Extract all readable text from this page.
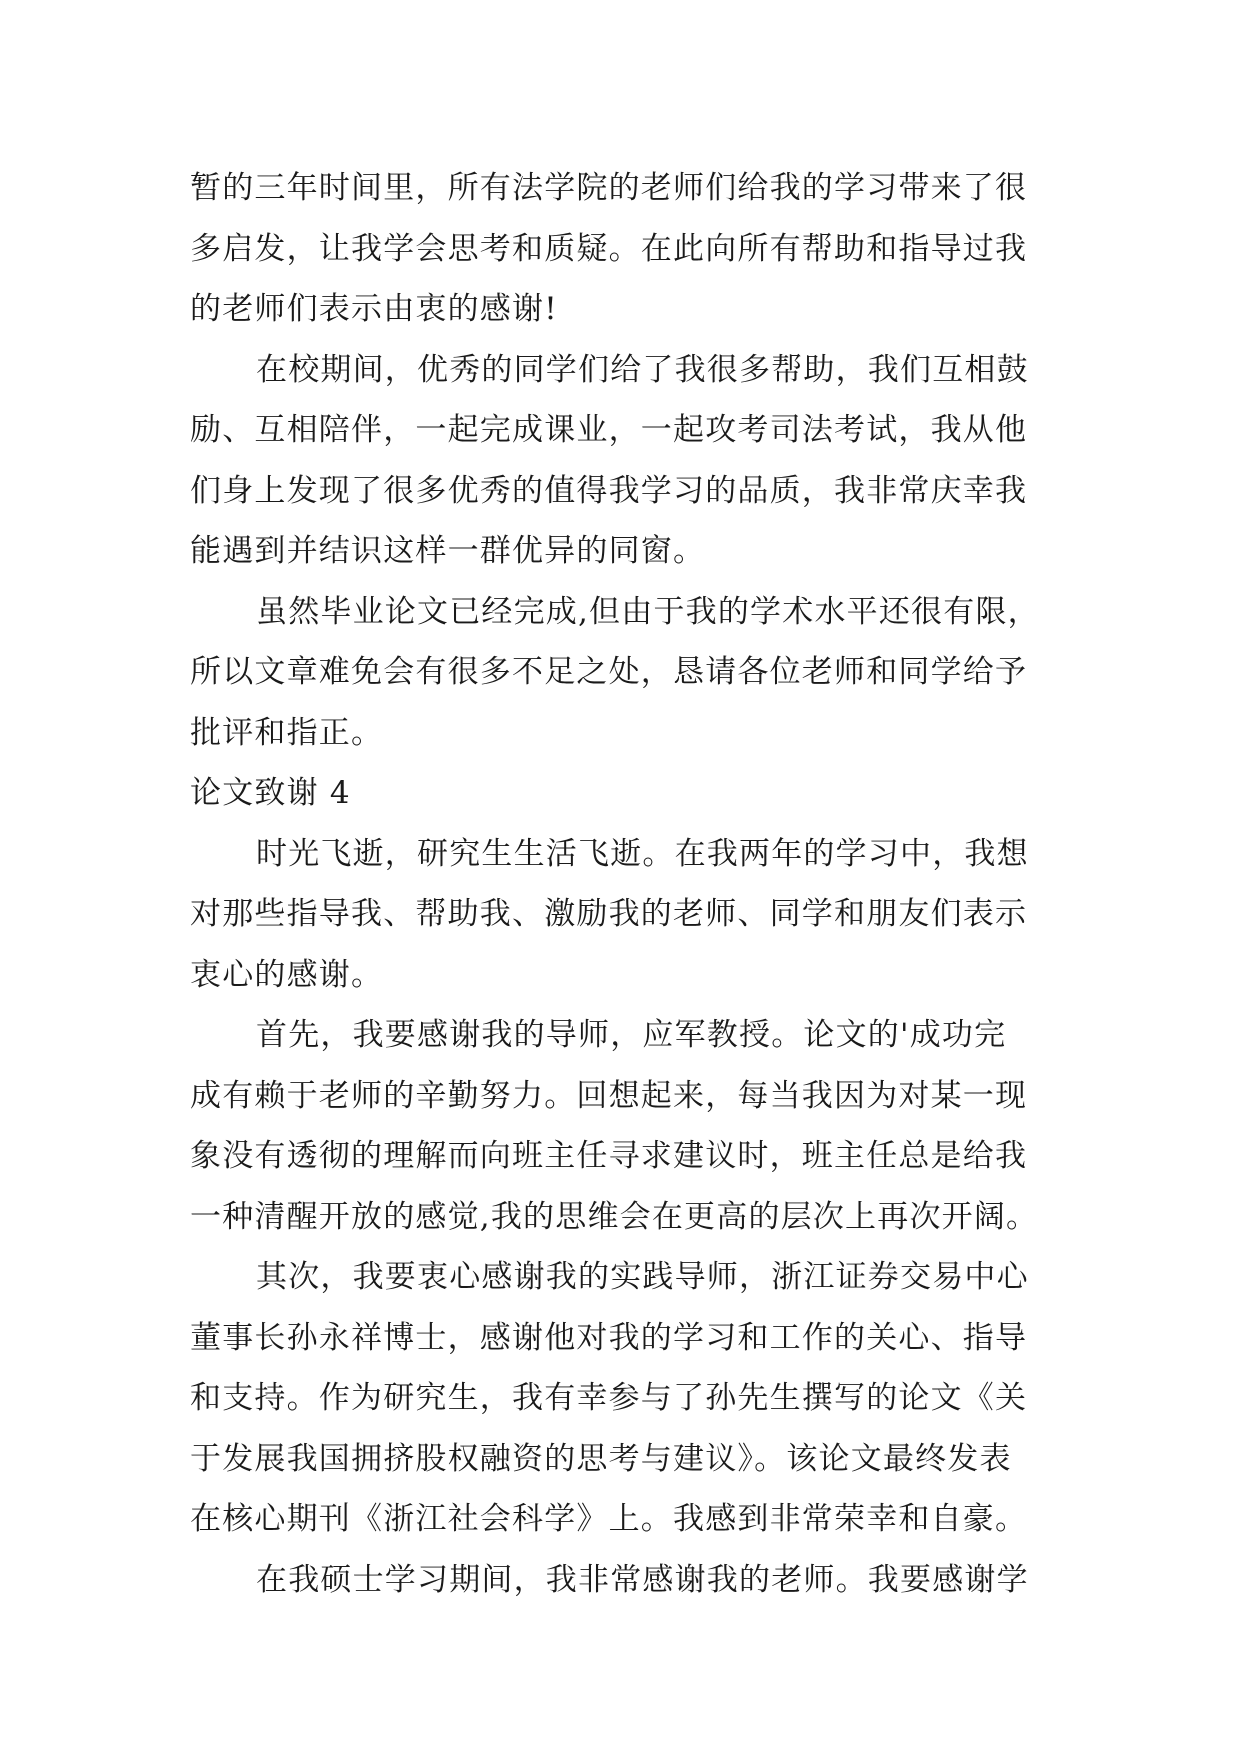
暂的三年时间里，所有法学院的老师们给我的学习带来了很
多启发，让我学会思考和质疑。在此向所有帮助和指导过我
的老师们表示由衷的感谢!
在校期间，优秀的同学们给了我很多帮助，我们互相鼓
励、互相陪伴，一起完成课业，一起攻考司法考试，我从他
们身上发现了很多优秀的值得我学习的品质，我非常庆幸我
能遇到并结识这样一群优异的同窗。
虽然毕业论文已经完成,但由于我的学术水平还很有限，
所以文章难免会有很多不足之处，恳请各位老师和同学给予
批评和指正。
论文致谢 4
时光飞逝，研究生生活飞逝。在我两年的学习中，我想
对那些指导我、帮助我、激励我的老师、同学和朋友们表示
衷心的感谢。
首先，我要感谢我的导师，应军教授。论文的'成功完
成有赖于老师的辛勤努力。回想起来，每当我因为对某一现
象没有透彻的理解而向班主任寻求建议时，班主任总是给我
一种清醒开放的感觉,我的思维会在更高的层次上再次开阔。
其次，我要衷心感谢我的实践导师，浙江证券交易中心
董事长孙永祥博士，感谢他对我的学习和工作的关心、指导
和支持。作为研究生，我有幸参与了孙先生撰写的论文《关
于发展我国拥挤股权融资的思考与建议》。该论文最终发表
在核心期刊《浙江社会科学》上。我感到非常荣幸和自豪。
在我硕士学习期间，我非常感谢我的老师。我要感谢学
